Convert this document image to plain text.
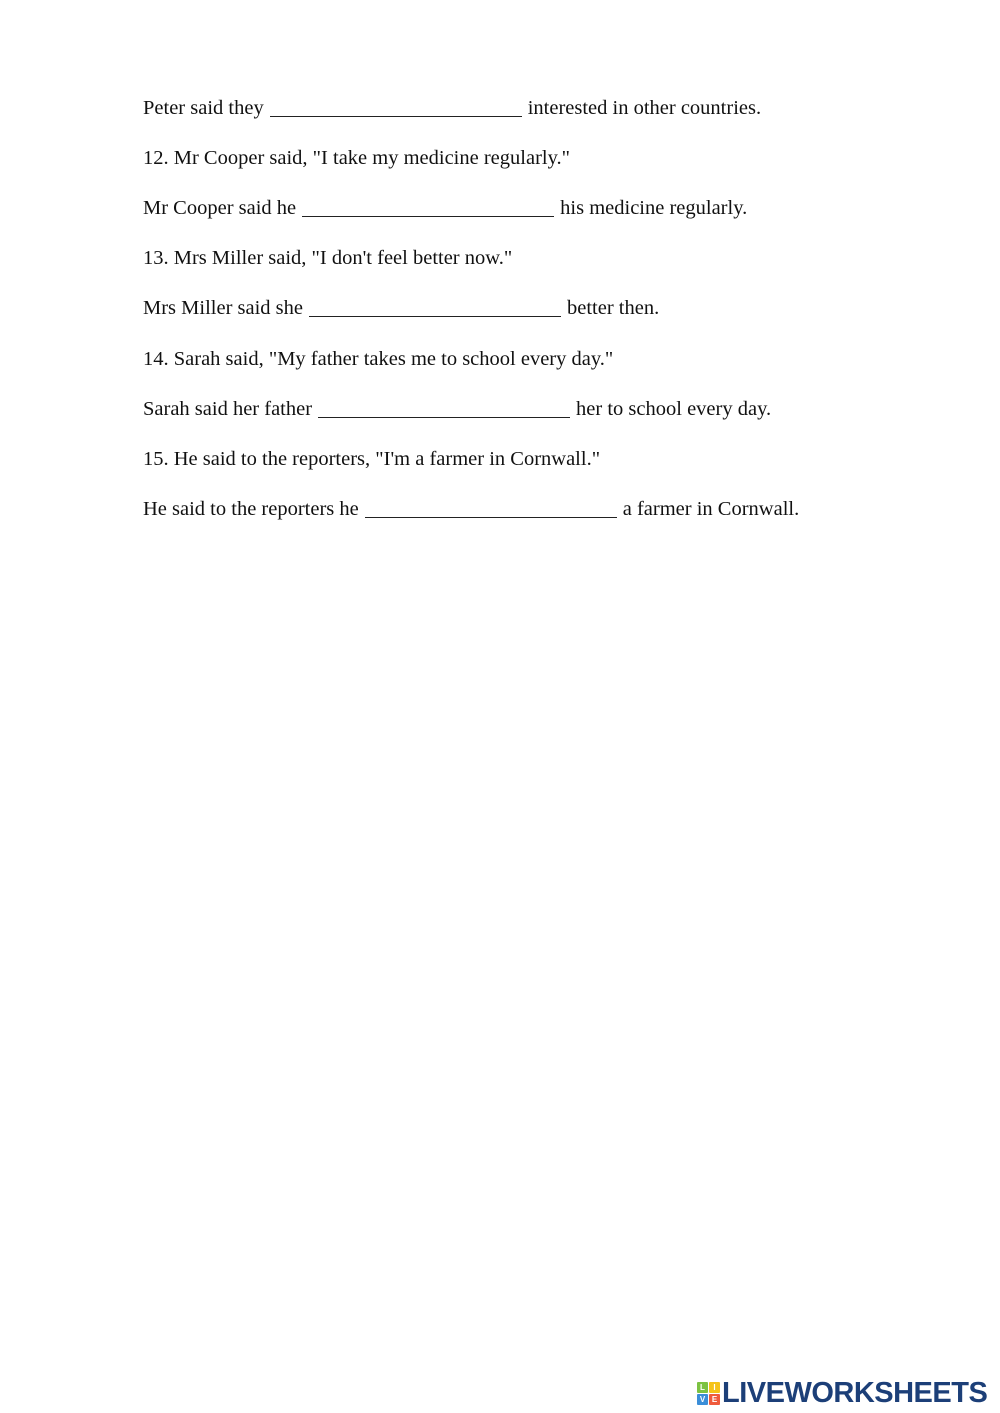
Peter said they	interested in other countries.
12. Mr Cooper said, "I take my medicine regularly."
Mr Cooper said he	his medicine regularly.
13. Mrs Miller said, "I don't feel better now."
Mrs Miller said she	better then.
14. Sarah said, "My father takes me to school every day."
Sarah said her father	her to school every day.
15. He said to the reporters, "I'm a farmer in Cornwall."
He said to the reporters he	a farmer in Cornwall.
L	I
V E LIVEWORKSHEETS
